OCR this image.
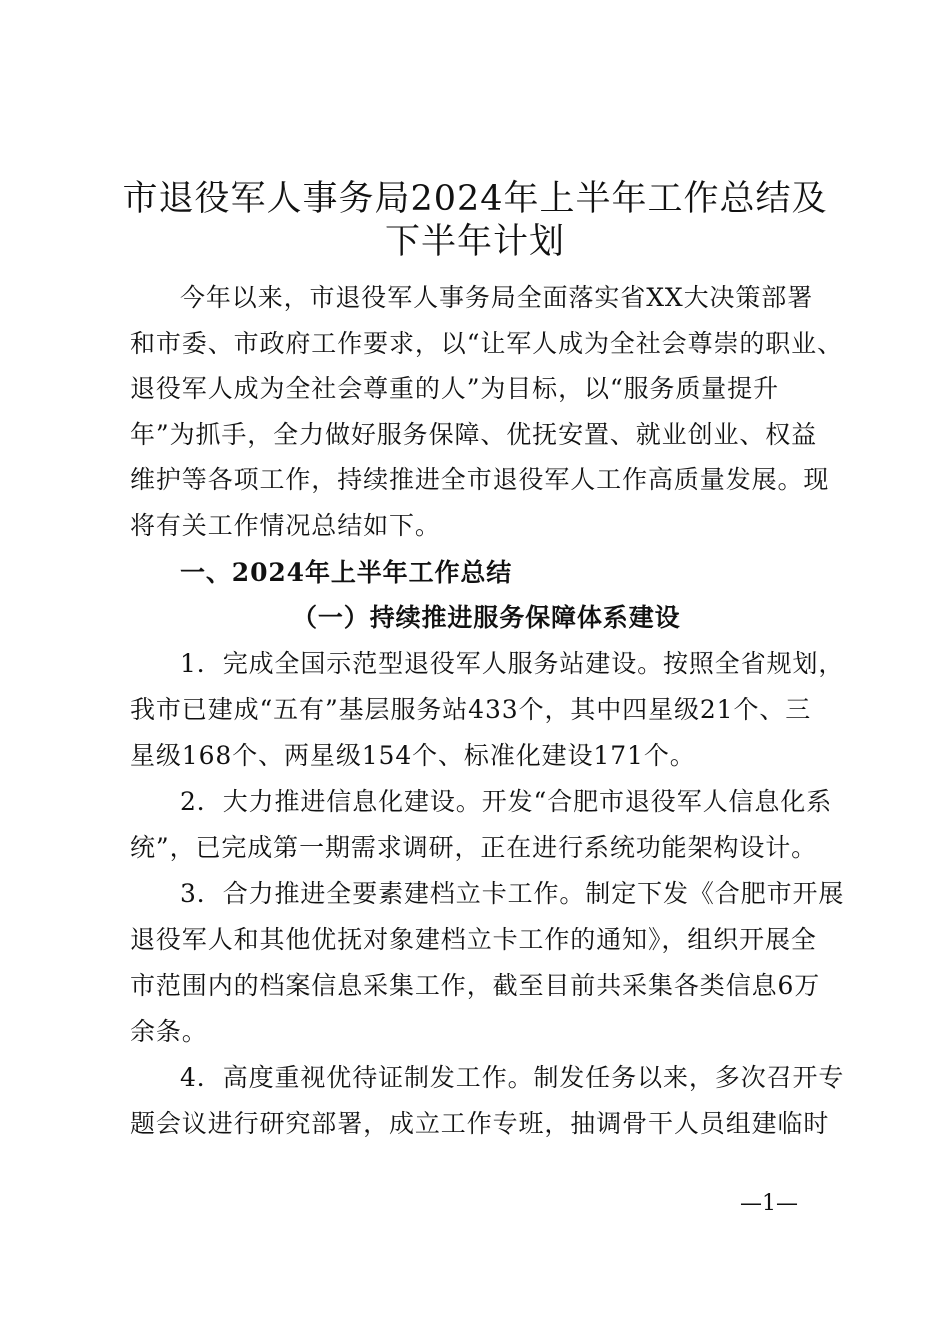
市退役军人事务局2024年上半年工作总结及
下半年计划
今年以来，市退役军人事务局全面落实省XX大决策部署
和市委、市政府工作要求，以“让军人成为全社会尊崇的职业、
退役军人成为全社会尊重的人”为目标，以“服务质量提升
年”为抓手，全力做好服务保障、优抚安置、就业创业、权益
维护等各项工作，持续推进全市退役军人工作高质量发展。现
将有关工作情况总结如下。
一、2024年上半年工作总结
（一）持续推进服务保障体系建设
1．完成全国示范型退役军人服务站建设。按照全省规划，
我市已建成“五有”基层服务站433个，其中四星级21个、三
星级168个、两星级154个、标准化建设171个。
2．大力推进信息化建设。开发“合肥市退役军人信息化系
统”，已完成第一期需求调研，正在进行系统功能架构设计。
3．合力推进全要素建档立卡工作。制定下发《合肥市开展
退役军人和其他优抚对象建档立卡工作的通知》，组织开展全
市范围内的档案信息采集工作，截至目前共采集各类信息6万
余条。
4．高度重视优待证制发工作。制发任务以来，多次召开专
题会议进行研究部署，成立工作专班，抽调骨干人员组建临时
—1—
